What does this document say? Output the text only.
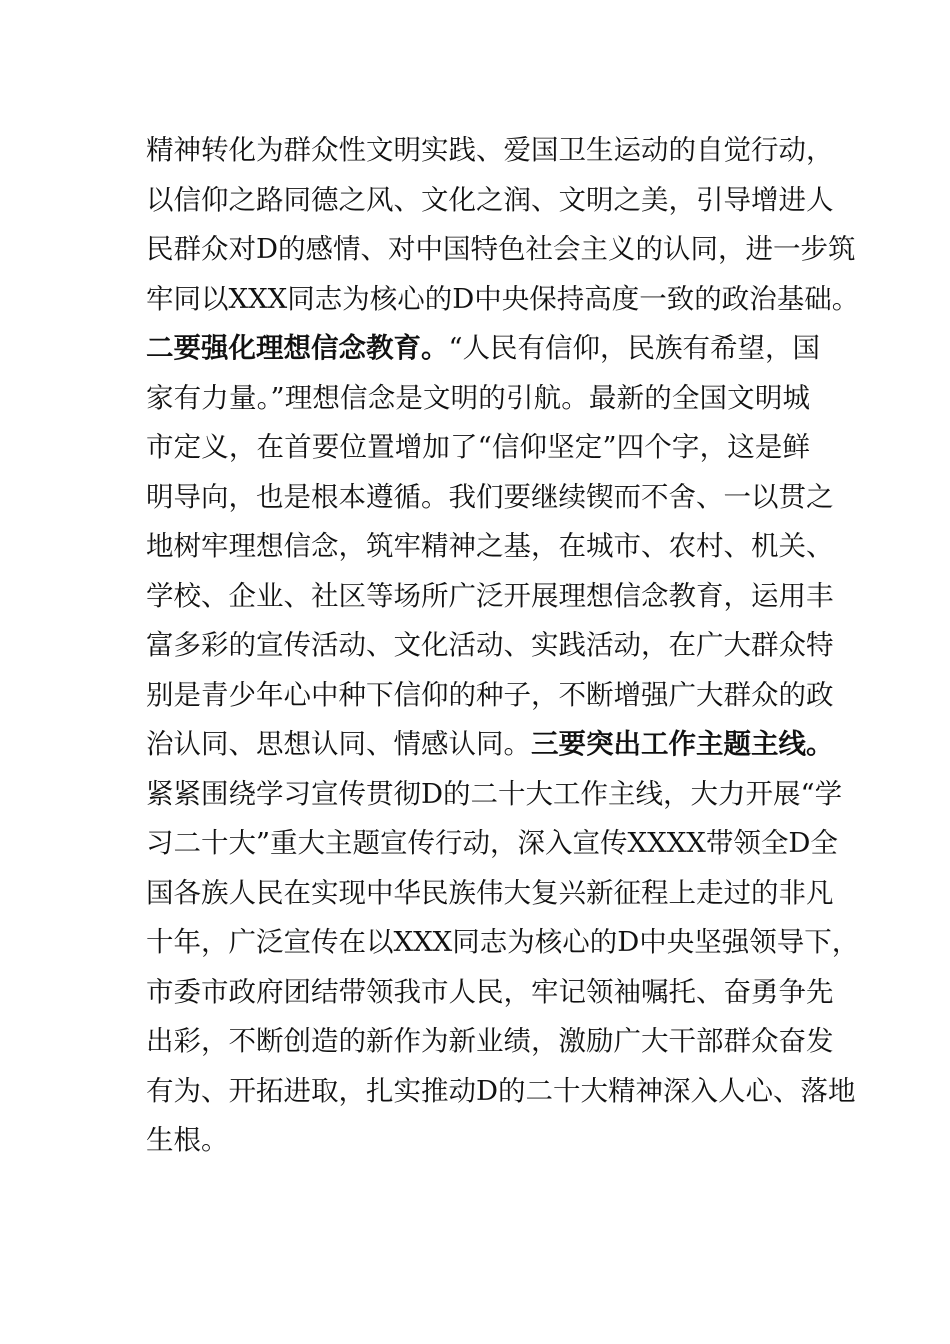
精神转化为群众性文明实践、爱国卫生运动的自觉行动，
以信仰之路同德之风、文化之润、文明之美，引导增进人
民群众对D的感情、对中国特色社会主义的认同，进一步筑
牢同以XXX同志为核心的D中央保持高度一致的政治基础。
二要强化理想信念教育。“人民有信仰，民族有希望，国
家有力量。”理想信念是文明的引航。最新的全国文明城
市定义，在首要位置增加了“信仰坚定”四个字，这是鲜
明导向，也是根本遵循。我们要继续锲而不舍、一以贯之
地树牢理想信念，筑牢精神之基，在城市、农村、机关、
学校、企业、社区等场所广泛开展理想信念教育，运用丰
富多彩的宣传活动、文化活动、实践活动，在广大群众特
别是青少年心中种下信仰的种子，不断增强广大群众的政
治认同、思想认同、情感认同。三要突出工作主题主线。
紧紧围绕学习宣传贯彻D的二十大工作主线，大力开展“学
习二十大”重大主题宣传行动，深入宣传XXXX带领全D全
国各族人民在实现中华民族伟大复兴新征程上走过的非凡
十年，广泛宣传在以XXX同志为核心的D中央坚强领导下，
市委市政府团结带领我市人民，牢记领袖嘱托、奋勇争先
出彩，不断创造的新作为新业绩，激励广大干部群众奋发
有为、开拓进取，扎实推动D的二十大精神深入人心、落地
生根。
